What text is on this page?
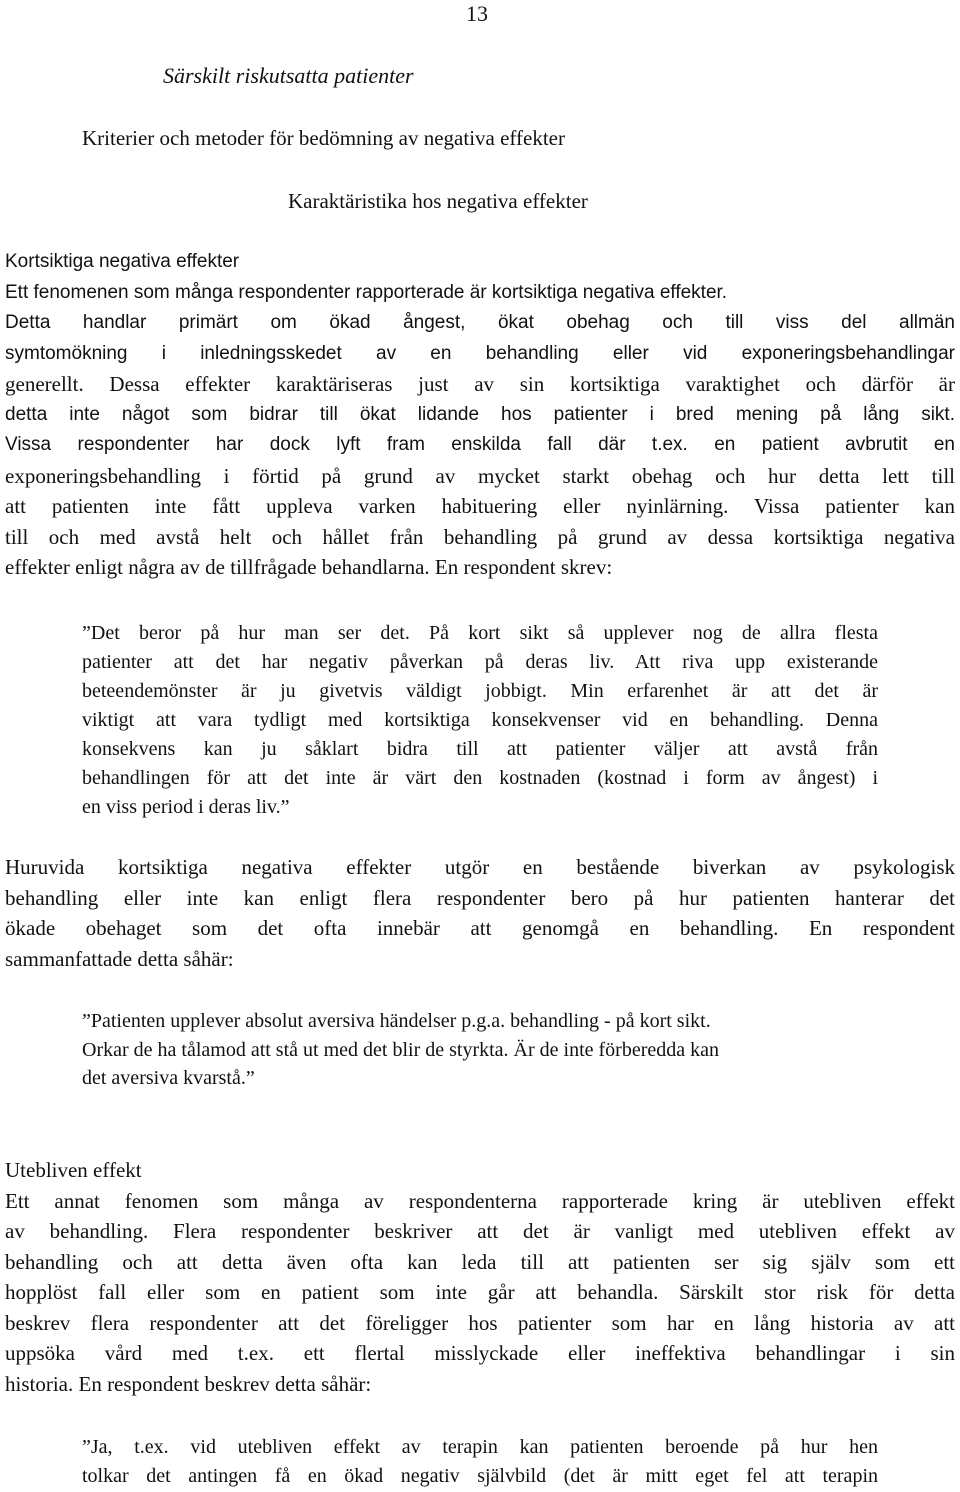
13
Särskilt riskutsatta patienter
Kriterier och metoder för bedömning av negativa effekter
Karaktäristika hos negativa effekter
Kortsiktiga negativa effekter
Ett fenomenen som många respondenter rapporterade är kortsiktiga negativa effekter.
Detta handlar primärt om ökad ångest, ökat obehag och till viss del allmän
symtomökning i inledningsskedet av en behandling eller vid exponeringsbehandlingar
generellt. Dessa effekter karaktäriseras just av sin kortsiktiga varaktighet och därför är
detta inte något som bidrar till ökat lidande hos patienter i bred mening på lång sikt.
Vissa respondenter har dock lyft fram enskilda fall där t.ex. en patient avbrutit en
exponeringsbehandling i förtid på grund av mycket starkt obehag och hur detta lett till
att patienten inte fått uppleva varken habituering eller nyinlärning. Vissa patienter kan
till och med avstå helt och hållet från behandling på grund av dessa kortsiktiga negativa
effekter enligt några av de tillfrågade behandlarna. En respondent skrev:
”Det beror på hur man ser det. På kort sikt så upplever nog de allra flesta
patienter att det har negativ påverkan på deras liv. Att riva upp existerande
beteendemönster är ju givetvis väldigt jobbigt. Min erfarenhet är att det är
viktigt att vara tydligt med kortsiktiga konsekvenser vid en behandling. Denna
konsekvens kan ju såklart bidra till att patienter väljer att avstå från
behandlingen för att det inte är värt den kostnaden (kostnad i form av ångest) i
en viss period i deras liv.”
Huruvida kortsiktiga negativa effekter utgör en bestående biverkan av psykologisk
behandling eller inte kan enligt flera respondenter bero på hur patienten hanterar det
ökade obehaget som det ofta innebär att genomgå en behandling. En respondent
sammanfattade detta såhär:
”Patienten upplever absolut aversiva händelser p.g.a. behandling - på kort sikt.
Orkar de ha tålamod att stå ut med det blir de styrkta. Är de inte förberedda kan
det aversiva kvarstå.”
Utebliven effekt
Ett annat fenomen som många av respondenterna rapporterade kring är utebliven effekt
av behandling. Flera respondenter beskriver att det är vanligt med utebliven effekt av
behandling och att detta även ofta kan leda till att patienten ser sig själv som ett
hopplöst fall eller som en patient som inte går att behandla. Särskilt stor risk för detta
beskrev flera respondenter att det föreligger hos patienter som har en lång historia av att
uppsöka vård med t.ex. ett flertal misslyckade eller ineffektiva behandlingar i sin
historia. En respondent beskrev detta såhär:
”Ja, t.ex. vid utebliven effekt av terapin kan patienten beroende på hur hen
tolkar det antingen få en ökad negativ självbild (det är mitt eget fel att terapin
